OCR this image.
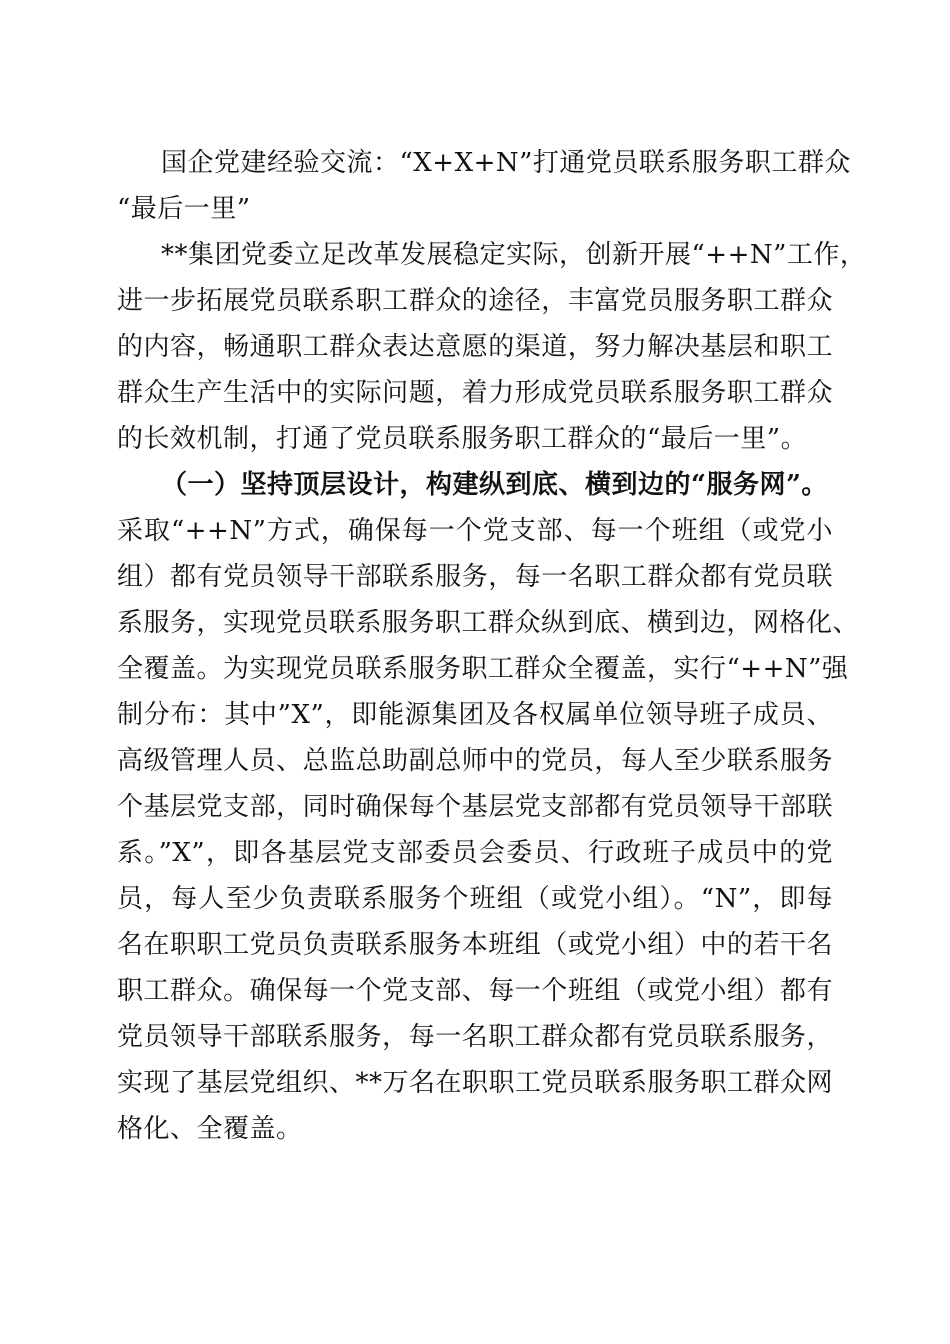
国企党建经验交流：“X+X+N”打通党员联系服务职工群众
“最后一里”
**集团党委立足改革发展稳定实际，创新开展“++N”工作，
进一步拓展党员联系职工群众的途径，丰富党员服务职工群众
的内容，畅通职工群众表达意愿的渠道，努力解决基层和职工
群众生产生活中的实际问题，着力形成党员联系服务职工群众
的长效机制，打通了党员联系服务职工群众的“最后一里”。
（一）坚持顶层设计，构建纵到底、横到边的“服务网”。
采取“++N”方式，确保每一个党支部、每一个班组（或党小
组）都有党员领导干部联系服务，每一名职工群众都有党员联
系服务，实现党员联系服务职工群众纵到底、横到边，网格化、
全覆盖。为实现党员联系服务职工群众全覆盖，实行“++N”强
制分布：其中”X”，即能源集团及各权属单位领导班子成员、
高级管理人员、总监总助副总师中的党员，每人至少联系服务
个基层党支部，同时确保每个基层党支部都有党员领导干部联
系。”X”，即各基层党支部委员会委员、行政班子成员中的党
员，每人至少负责联系服务个班组（或党小组）。“N”，即每
名在职职工党员负责联系服务本班组（或党小组）中的若干名
职工群众。确保每一个党支部、每一个班组（或党小组）都有
党员领导干部联系服务，每一名职工群众都有党员联系服务，
实现了基层党组织、**万名在职职工党员联系服务职工群众网
格化、全覆盖。
